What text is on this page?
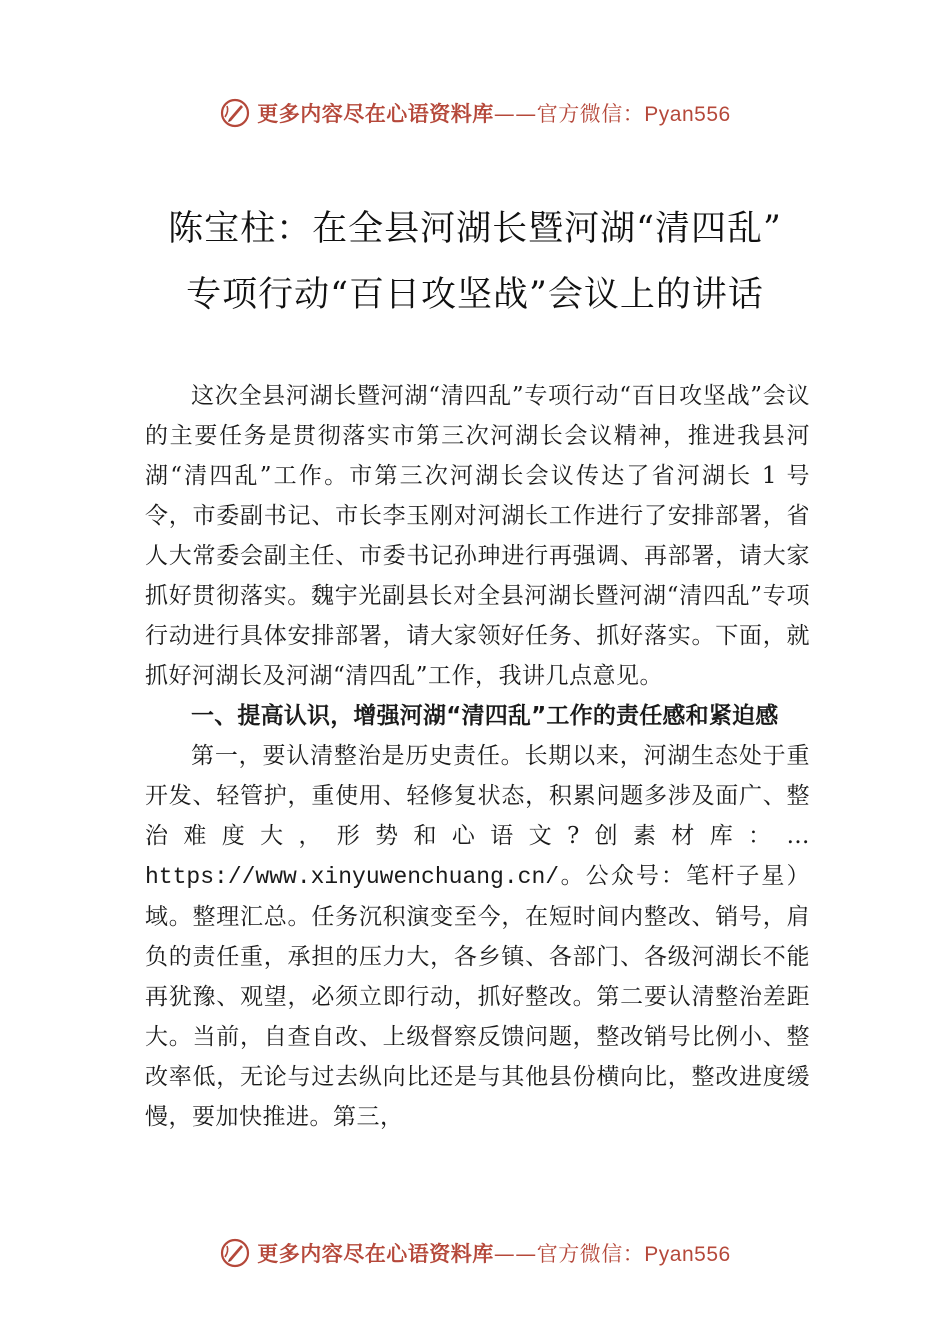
更多内容尽在心语资料库——官方微信：Pyan556
陈宝柱：在全县河湖长暨河湖“清四乱”
专项行动“百日攻坚战”会议上的讲话

这次全县河湖长暨河湖“清四乱”专项行动“百日攻坚战”会议的主要任务是贯彻落实市第三次河湖长会议精神，推进我县河湖“清四乱”工作。市第三次河湖长会议传达了省河湖长 1 号令，市委副书记、市长李玉刚对河湖长工作进行了安排部署，省人大常委会副主任、市委书记孙珅进行再强调、再部署，请大家抓好贯彻落实。魏宇光副县长对全县河湖长暨河湖“清四乱”专项行动进行具体安排部署，请大家领好任务、抓好落实。下面，就抓好河湖长及河湖“清四乱”工作，我讲几点意见。

一、提高认识，增强河湖“清四乱”工作的责任感和紧迫感

第一，要认清整治是历史责任。长期以来，河湖生态处于重开发、轻管护，重使用、轻修复状态，积累问题多涉及面广、整治难度大，形势和心语文?创素材库：…https://www.xinyuwenchuang.cn/。公众号：笔杆子星）域。整理汇总。任务沉积演变至今，在短时间内整改、销号，肩负的责任重，承担的压力大，各乡镇、各部门、各级河湖长不能再犹豫、观望，必须立即行动，抓好整改。第二要认清整治差距大。当前，自查自改、上级督察反馈问题，整改销号比例小、整改率低，无论与过去纵向比还是与其他县份横向比，整改进度缓慢，要加快推进。第三，

更多内容尽在心语资料库——官方微信：Pyan556
